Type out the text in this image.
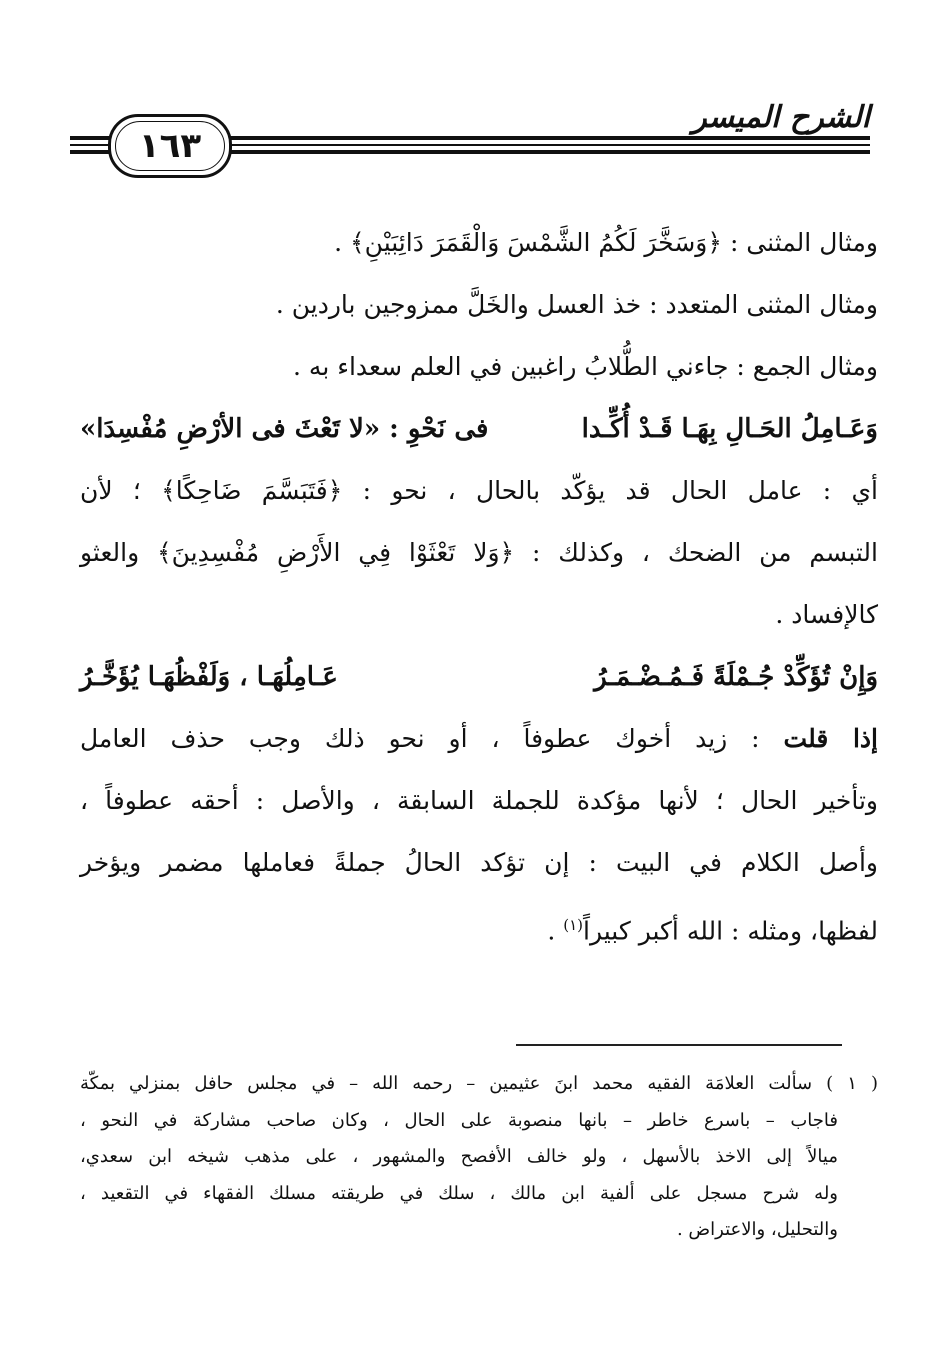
١٦٣
الشرح الميسر
ومثال المثنى : ﴿وَسَخَّرَ لَكُمُ الشَّمْسَ وَالْقَمَرَ دَائِبَيْنِ﴾ .
ومثال المثنى المتعدد : خذ العسل والخَلَّ ممزوجين باردين .
ومثال الجمع : جاءني الطُّلابُ راغبين في العلم سعداء به .
وَعَـامِلُ الحَـالِ بِهَـا قَـدْ أُكِّـدا
فى نَحْوِ : «لا تَعْثَ فى الأرْضِ مُفْسِدَا»
أي : عامل الحال قد يؤكّد بالحال ، نحو : ﴿فَتَبَسَّمَ ضَاحِكًا﴾ ؛ لأن
التبسم من الضحك ، وكذلك : ﴿وَلا تَعْثَوْا فِي الأَرْضِ مُفْسِدِينَ﴾ والعثو
كالإفساد .
وَإِنْ تُؤَكِّدْ جُـمْلَةً فَـمُـضْـمَـرُ
عَـامِلُهَـا ، وَلَفْظُهَـا يُؤَخَّـرُ
إذا قلت : زيد أخوك عطوفاً ، أو نحو ذلك وجب حذف العامل
وتأخير الحال ؛ لأنها مؤكدة للجملة السابقة ، والأصل : أحقه عطوفاً ،
وأصل الكلام في البيت : إن تؤكد الحالُ جملةً فعاملها مضمر ويؤخر
لفظها، ومثله : الله أكبر كبيراً$^{(١)}$ .
( ١ ) سألت العلامَة الفقيه محمد ابنَ عثيمين – رحمه الله – في مجلس حافل بمنزلي بمكّة
فاجاب – باسرع خاطر – بانها منصوبة على الحال ، وكان صاحب مشاركة في النحو ،
ميالاً إلى الاخذ بالأسهل ، ولو خالف الأفصح والمشهور ، على مذهب شيخه ابن سعدي،
وله شرح مسجل على ألفية ابن مالك ، سلك في طريقته مسلك الفقهاء في التقعيد ،
والتحليل، والاعتراض .
